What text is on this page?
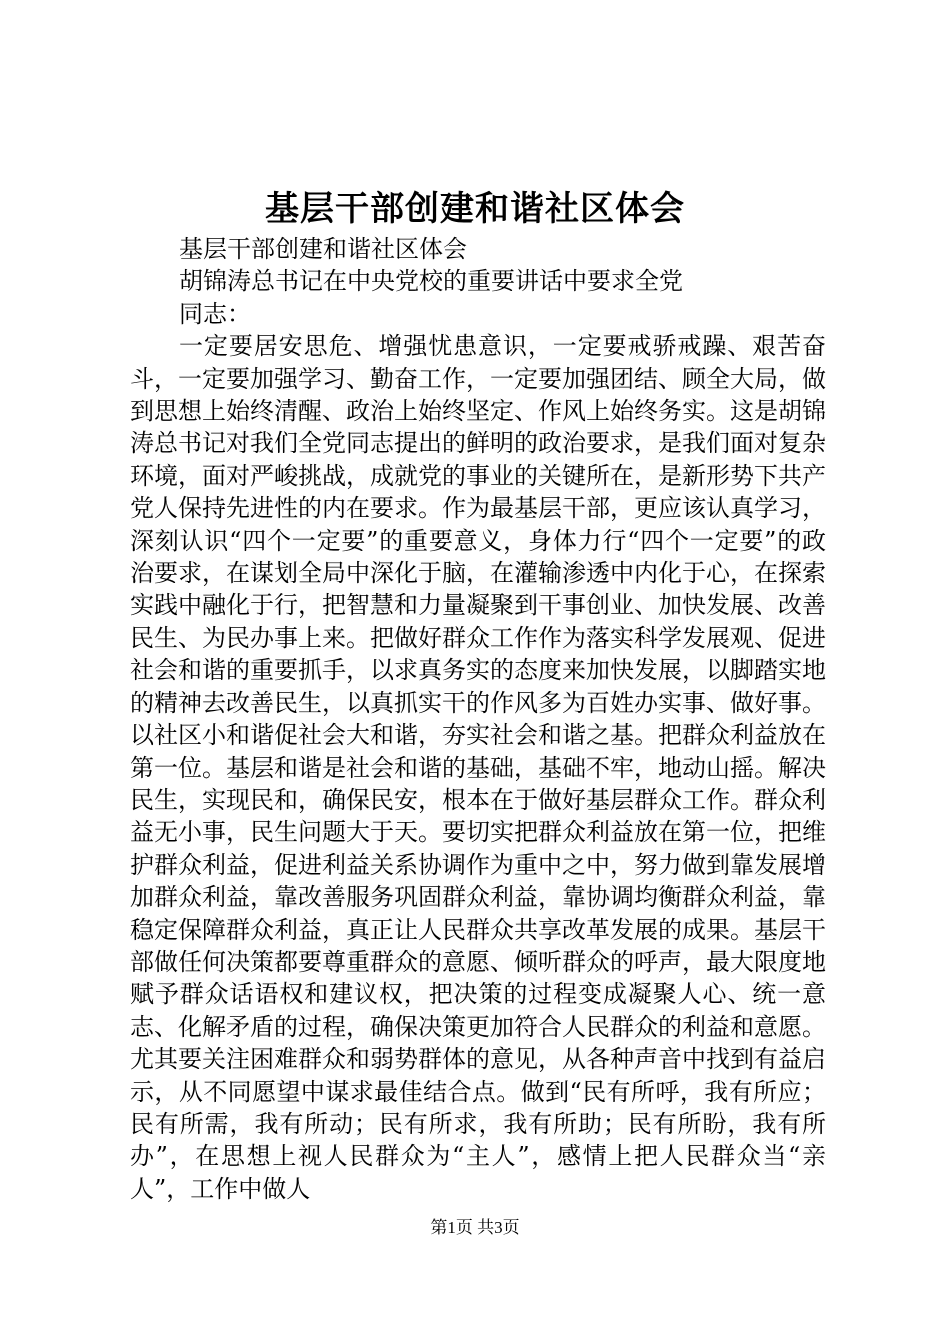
基层干部创建和谐社区体会

基层干部创建和谐社区体会

胡锦涛总书记在中央党校的重要讲话中要求全党

同志：

一定要居安思危、增强忧患意识，一定要戒骄戒躁、艰苦奋斗，一定要加强学习、勤奋工作，一定要加强团结、顾全大局，做到思想上始终清醒、政治上始终坚定、作风上始终务实。这是胡锦涛总书记对我们全党同志提出的鲜明的政治要求，是我们面对复杂环境，面对严峻挑战，成就党的事业的关键所在，是新形势下共产党人保持先进性的内在要求。作为最基层干部，更应该认真学习，深刻认识“四个一定要”的重要意义，身体力行“四个一定要”的政治要求，在谋划全局中深化于脑，在灌输渗透中内化于心，在探索实践中融化于行，把智慧和力量凝聚到干事创业、加快发展、改善民生、为民办事上来。把做好群众工作作为落实科学发展观、促进社会和谐的重要抓手，以求真务实的态度来加快发展，以脚踏实地的精神去改善民生，以真抓实干的作风多为百姓办实事、做好事。以社区小和谐促社会大和谐，夯实社会和谐之基。把群众利益放在第一位。基层和谐是社会和谐的基础，基础不牢，地动山摇。解决民生，实现民和，确保民安，根本在于做好基层群众工作。群众利益无小事，民生问题大于天。要切实把群众利益放在第一位，把维护群众利益，促进利益关系协调作为重中之中，努力做到靠发展增加群众利益，靠改善服务巩固群众利益，靠协调均衡群众利益，靠稳定保障群众利益，真正让人民群众共享改革发展的成果。基层干部做任何决策都要尊重群众的意愿、倾听群众的呼声，最大限度地赋予群众话语权和建议权，把决策的过程变成凝聚人心、统一意志、化解矛盾的过程，确保决策更加符合人民群众的利益和意愿。尤其要关注困难群众和弱势群体的意见，从各种声音中找到有益启示，从不同愿望中谋求最佳结合点。做到“民有所呼，我有所应；民有所需，我有所动；民有所求，我有所助；民有所盼，我有所办”，在思想上视人民群众为“主人”，感情上把人民群众当“亲人”，工作中做人

第1页 共3页
